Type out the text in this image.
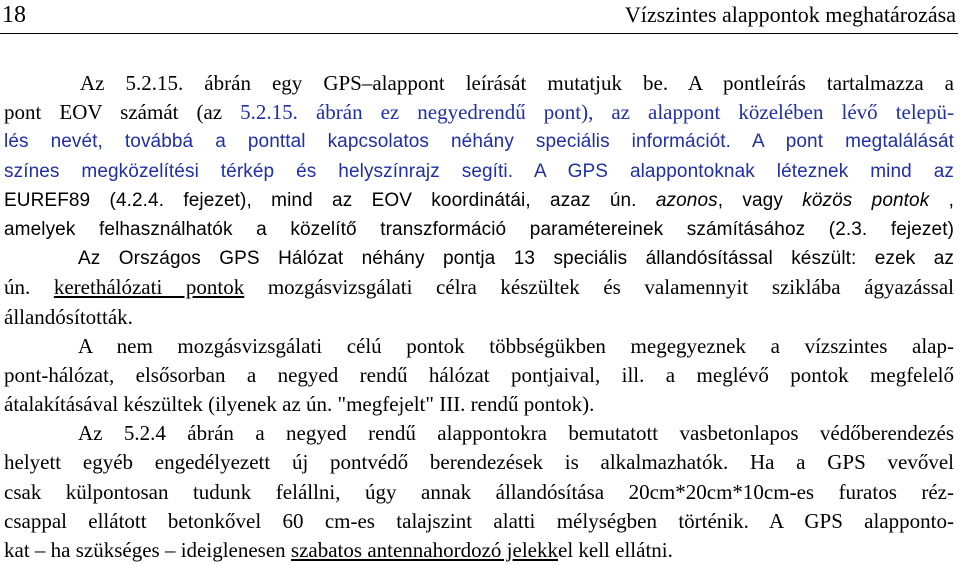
18	Vízszintes alappontok meghatározása
Az 5.2.15. ábrán egy GPS–alappont leírását mutatjuk be. A pontleírás tartalmazza a
pont EOV számát (az 5.2.15. ábrán ez negyedrendű pont), az alappont közelében lévő telepü-
lés nevét, továbbá a ponttal kapcsolatos néhány speciális információt. A pont megtalálását
színes megközelítési térkép és helyszínrajz segíti. A GPS alappontoknak léteznek mind az
EUREF89 (4.2.4. fejezet), mind az EOV koordinátái, azaz ún. azonos, vagy közös pontok ,
amelyek felhasználhatók a közelítő transzformáció paramétereinek számításához (2.3. fejezet)
Az Országos GPS Hálózat néhány pontja 13 speciális állandósítással készült: ezek az
ún. kerethálózati pontok mozgásvizsgálati célra készültek és valamennyit sziklába ágyazással
állandósították.
A nem mozgásvizsgálati célú pontok többségükben megegyeznek a vízszintes alap-
pont-hálózat, elsősorban a negyed rendű hálózat pontjaival, ill. a meglévő pontok megfelelő
átalakításával készültek (ilyenek az ún. "megfejelt" III. rendű pontok).
Az 5.2.4 ábrán a negyed rendű alappontokra bemutatott vasbetonlapos védőberendezés
helyett egyéb engedélyezett új pontvédő berendezések is alkalmazhatók. Ha a GPS vevővel
csak külpontosan tudunk felállni, úgy annak állandósítása 20cm*20cm*10cm-es furatos réz-
csappal ellátott betonkővel 60 cm-es talajszint alatti mélységben történik. A GPS alapponto-
kat – ha szükséges – ideiglenesen szabatos antennahordozó jelekkel kell ellátni.
